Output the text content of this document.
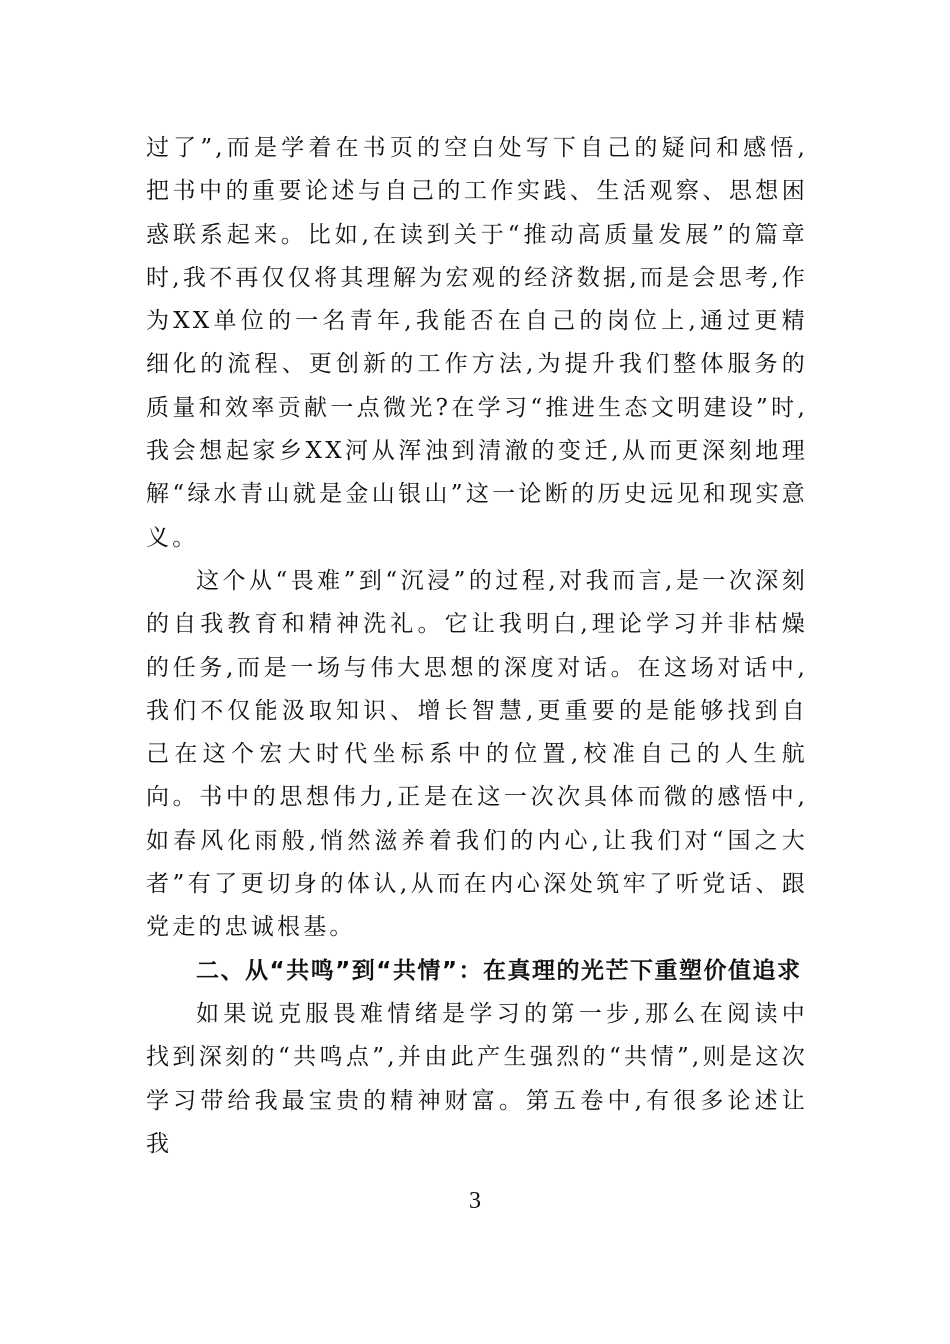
过了”,而是学着在书页的空白处写下自己的疑问和感悟,把书中的重要论述与自己的工作实践、生活观察、思想困惑联系起来。比如,在读到关于“推动高质量发展”的篇章时,我不再仅仅将其理解为宏观的经济数据,而是会思考,作为XX单位的一名青年,我能否在自己的岗位上,通过更精细化的流程、更创新的工作方法,为提升我们整体服务的质量和效率贡献一点微光?在学习“推进生态文明建设”时,我会想起家乡XX河从浑浊到清澈的变迁,从而更深刻地理解“绿水青山就是金山银山”这一论断的历史远见和现实意义。

这个从“畏难”到“沉浸”的过程,对我而言,是一次深刻的自我教育和精神洗礼。它让我明白,理论学习并非枯燥的任务,而是一场与伟大思想的深度对话。在这场对话中,我们不仅能汲取知识、增长智慧,更重要的是能够找到自己在这个宏大时代坐标系中的位置,校准自己的人生航向。书中的思想伟力,正是在这一次次具体而微的感悟中,如春风化雨般,悄然滋养着我们的内心,让我们对“国之大者”有了更切身的体认,从而在内心深处筑牢了听党话、跟党走的忠诚根基。

二、从“共鸣”到“共情”：在真理的光芒下重塑价值追求

如果说克服畏难情绪是学习的第一步,那么在阅读中找到深刻的“共鸣点”,并由此产生强烈的“共情”,则是这次学习带给我最宝贵的精神财富。第五卷中,有很多论述让我

3
